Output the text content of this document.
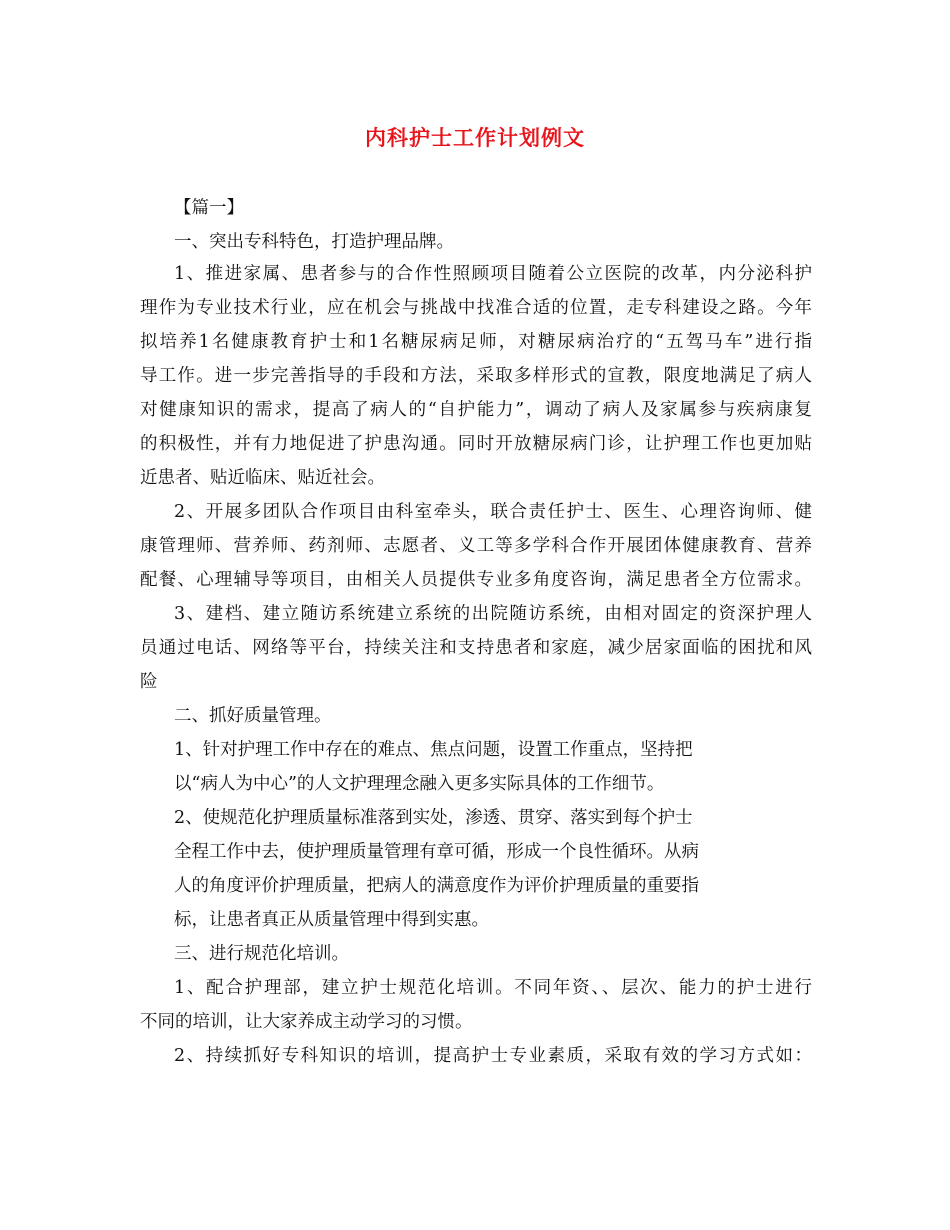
内科护士工作计划例文
【篇一】
一、突出专科特色，打造护理品牌。
1、推进家属、患者参与的合作性照顾项目随着公立医院的改革，内分泌科护
理作为专业技术行业，应在机会与挑战中找准合适的位置，走专科建设之路。今年
拟培养1名健康教育护士和1名糖尿病足师，对糖尿病治疗的“五驾马车”进行指
导工作。进一步完善指导的手段和方法，采取多样形式的宣教，限度地满足了病人
对健康知识的需求，提高了病人的“自护能力”，调动了病人及家属参与疾病康复
的积极性，并有力地促进了护患沟通。同时开放糖尿病门诊，让护理工作也更加贴
近患者、贴近临床、贴近社会。
2、开展多团队合作项目由科室牵头，联合责任护士、医生、心理咨询师、健
康管理师、营养师、药剂师、志愿者、义工等多学科合作开展团体健康教育、营养
配餐、心理辅导等项目，由相关人员提供专业多角度咨询，满足患者全方位需求。
3、建档、建立随访系统建立系统的出院随访系统，由相对固定的资深护理人
员通过电话、网络等平台，持续关注和支持患者和家庭，减少居家面临的困扰和风
险
二、抓好质量管理。
1、针对护理工作中存在的难点、焦点问题，设置工作重点，坚持把
以“病人为中心”的人文护理理念融入更多实际具体的工作细节。
2、使规范化护理质量标准落到实处，渗透、贯穿、落实到每个护士
全程工作中去，使护理质量管理有章可循，形成一个良性循环。从病
人的角度评价护理质量，把病人的满意度作为评价护理质量的重要指
标，让患者真正从质量管理中得到实惠。
三、进行规范化培训。
1、配合护理部，建立护士规范化培训。不同年资、、层次、能力的护士进行
不同的培训，让大家养成主动学习的习惯。
2、持续抓好专科知识的培训，提高护士专业素质，采取有效的学习方式如：
